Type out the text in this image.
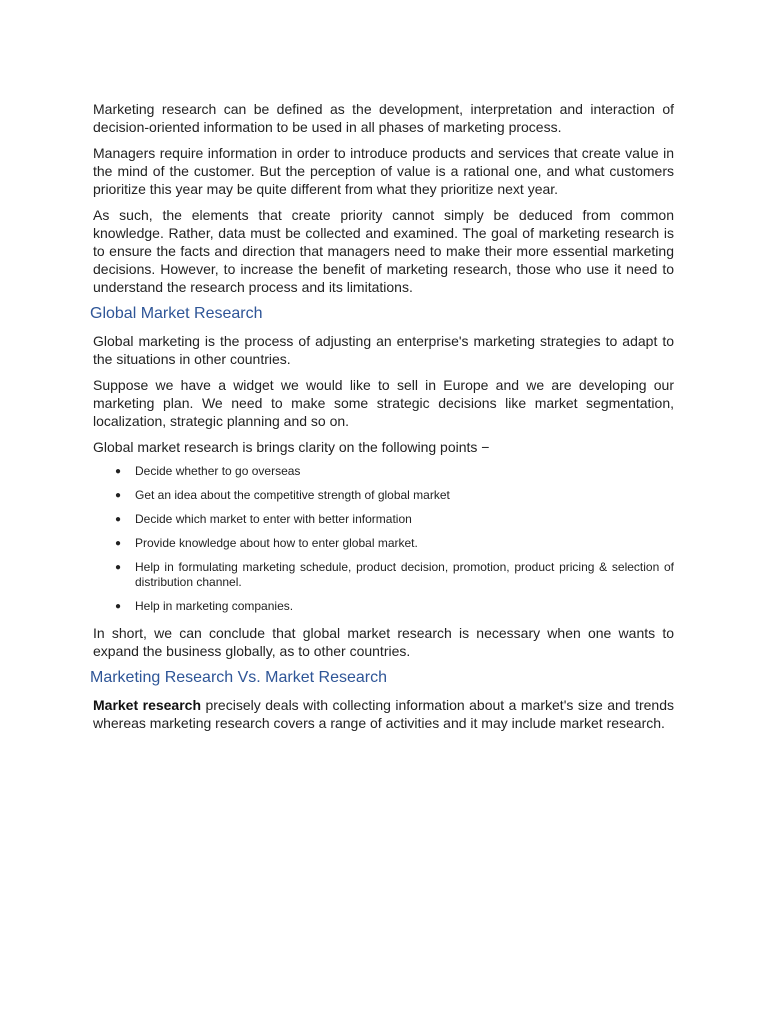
Marketing research can be defined as the development, interpretation and interaction of decision-oriented information to be used in all phases of marketing process.

Managers require information in order to introduce products and services that create value in the mind of the customer. But the perception of value is a rational one, and what customers prioritize this year may be quite different from what they prioritize next year.

As such, the elements that create priority cannot simply be deduced from common knowledge. Rather, data must be collected and examined. The goal of marketing research is to ensure the facts and direction that managers need to make their more essential marketing decisions. However, to increase the benefit of marketing research, those who use it need to understand the research process and its limitations.

Global Market Research

Global marketing is the process of adjusting an enterprise's marketing strategies to adapt to the situations in other countries.

Suppose we have a widget we would like to sell in Europe and we are developing our marketing plan. We need to make some strategic decisions like market segmentation, localization, strategic planning and so on.

Global market research is brings clarity on the following points −

● Decide whether to go overseas
● Get an idea about the competitive strength of global market
● Decide which market to enter with better information
● Provide knowledge about how to enter global market.
● Help in formulating marketing schedule, product decision, promotion, product pricing & selection of distribution channel.
● Help in marketing companies.

In short, we can conclude that global market research is necessary when one wants to expand the business globally, as to other countries.

Marketing Research Vs. Market Research

Market research precisely deals with collecting information about a market's size and trends whereas marketing research covers a range of activities and it may include market research.
